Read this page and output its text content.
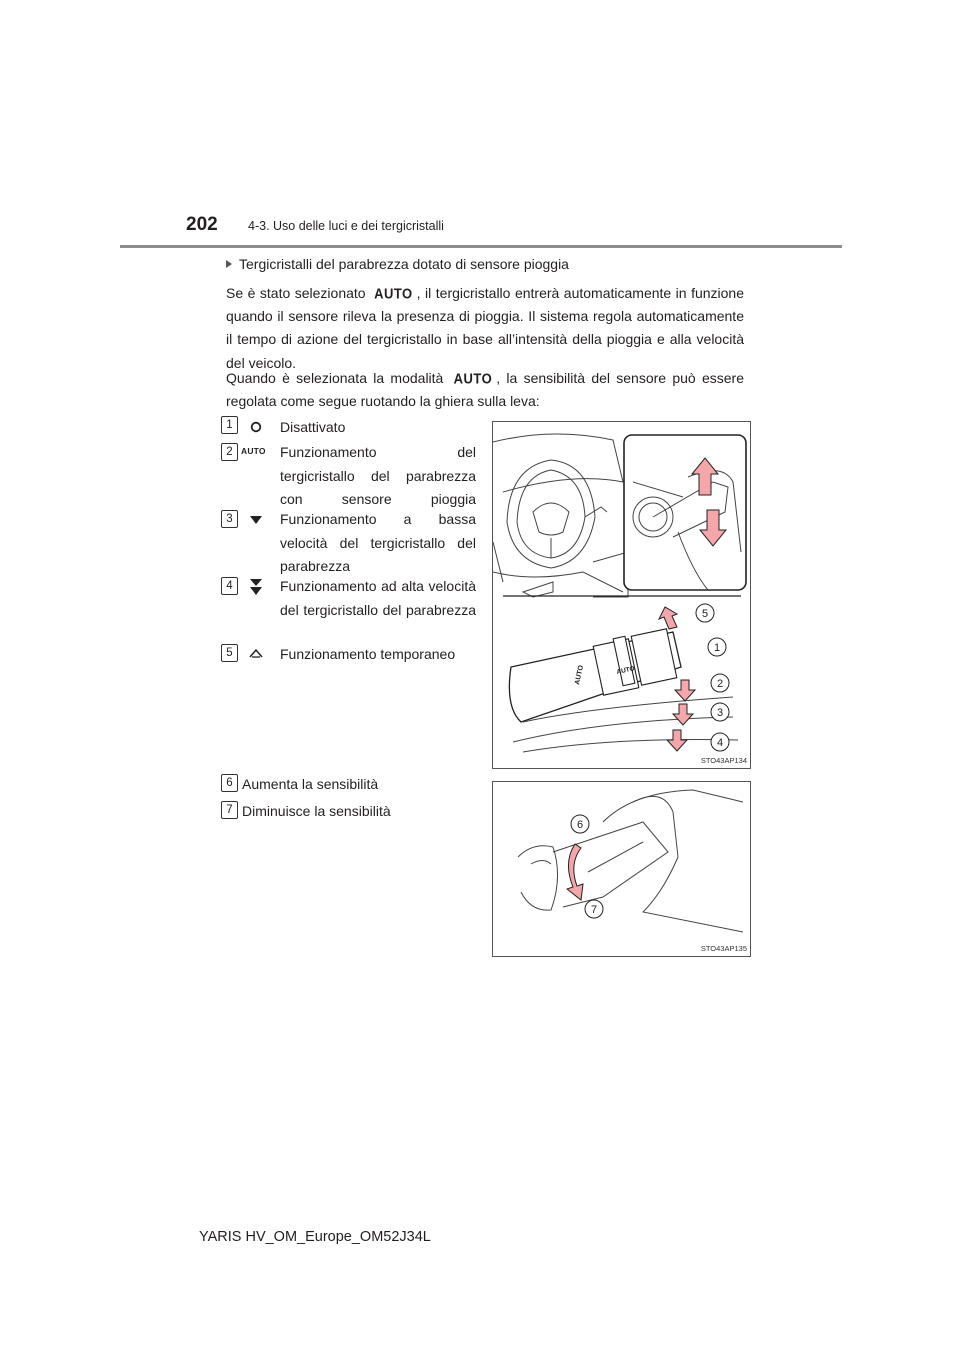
202 4-3. Uso delle luci e dei tergicristalli
Tergicristalli del parabrezza dotato di sensore pioggia
Se è stato selezionato AUTO , il tergicristallo entrerà automaticamente in funzione quando il sensore rileva la presenza di pioggia. Il sistema regola automaticamente il tempo di azione del tergicristallo in base all’intensità della pioggia e alla velocità del veicolo.
Quando è selezionata la modalità AUTO , la sensibilità del sensore può essere regolata come segue ruotando la ghiera sulla leva:
1	Disattivato
2 AUTO Funzionamento del tergicristallo del parabrezza con sensore pioggia
3	Funzionamento a bassa velocità del tergicristallo del parabrezza
4	Funzionamento ad alta velocità del tergicristallo del parabrezza
5	Funzionamento temporaneo
6 Aumenta la sensibilità
7 Diminuisce la sensibilità
AUTO	AUTO
5
1
2
3
4
STO43AP134
6
7
STO43AP135
YARIS HV_OM_Europe_OM52J34L
